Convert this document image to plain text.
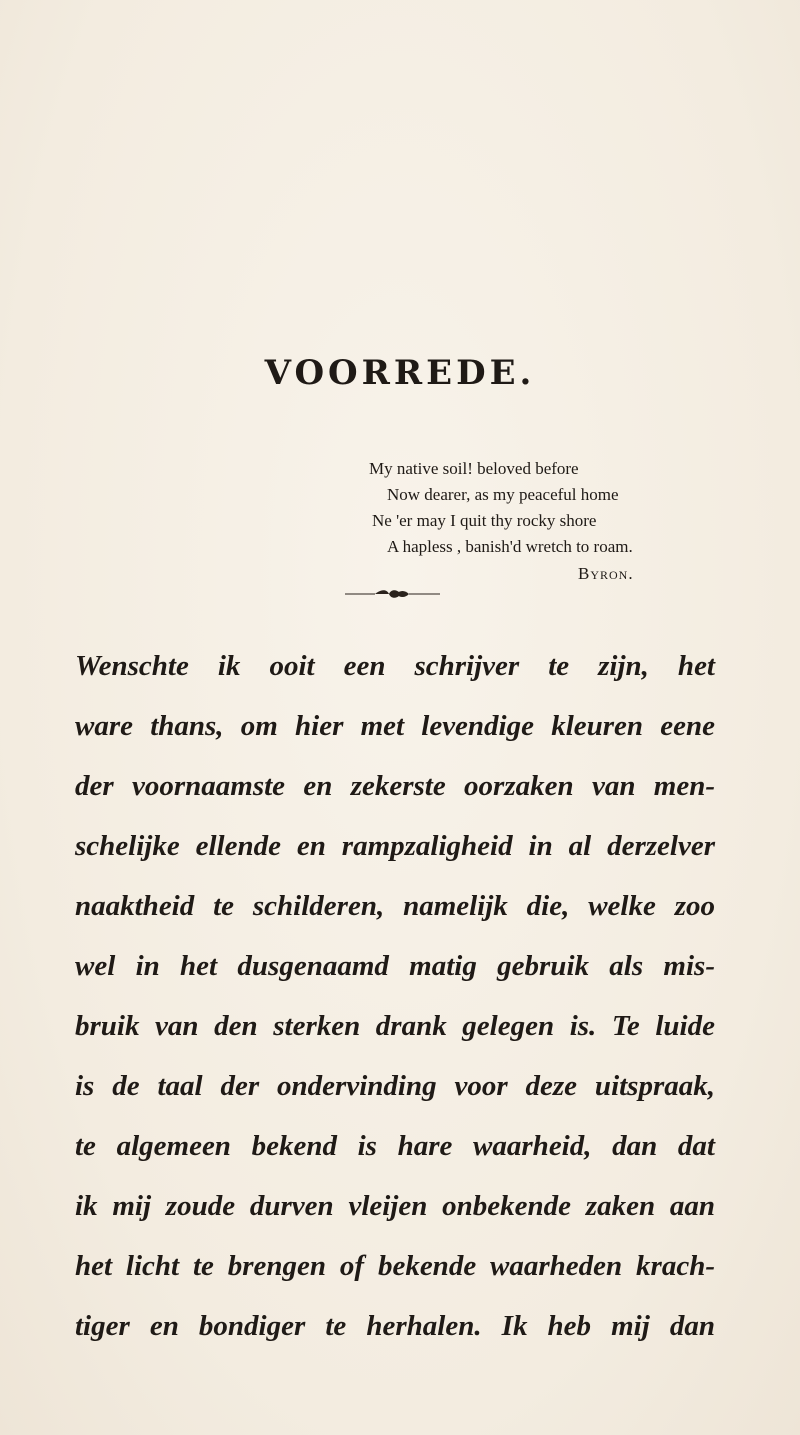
VOORREDE.
My native soil! beloved before
Now dearer, as my peaceful home
Ne 'er may I quit thy rocky shore
A hapless , banish'd wretch to roam.
Byron.
Wenschte ik ooit een schrijver te zijn, het
ware thans, om hier met levendige kleuren eene
der voornaamste en zekerste oorzaken van men-
schelijke ellende en rampzaligheid in al derzelver
naaktheid te schilderen, namelijk die, welke zoo
wel in het dusgenaamd matig gebruik als mis-
bruik van den sterken drank gelegen is. Te luide
is de taal der ondervinding voor deze uitspraak,
te algemeen bekend is hare waarheid, dan dat
ik mij zoude durven vleijen onbekende zaken aan
het licht te brengen of bekende waarheden krach-
tiger en bondiger te herhalen. Ik heb mij dan
